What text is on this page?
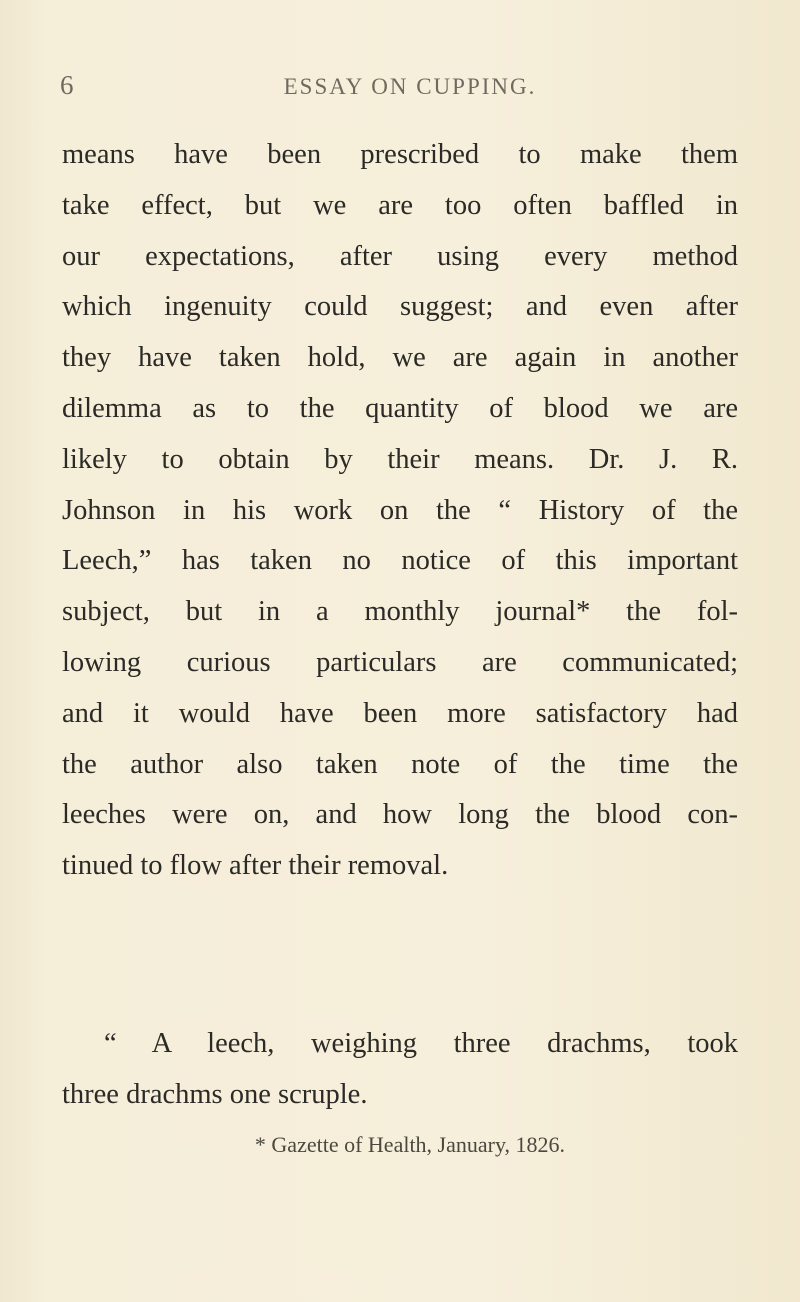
6	ESSAY ON CUPPING.
means have been prescribed to make them
take effect, but we are too often baffled in
our expectations, after using every method
which ingenuity could suggest; and even after
they have taken hold, we are again in another
dilemma as to the quantity of blood we are
likely to obtain by their means. Dr. J. R.
Johnson in his work on the “ History of the
Leech,” has taken no notice of this important
subject, but in a monthly journal* the fol-
lowing curious particulars are communicated;
and it would have been more satisfactory had
the author also taken note of the time the
leeches were on, and how long the blood con-
tinued to flow after their removal.
“ A leech, weighing three drachms, took
three drachms one scruple.
* Gazette of Health, January, 1826.
